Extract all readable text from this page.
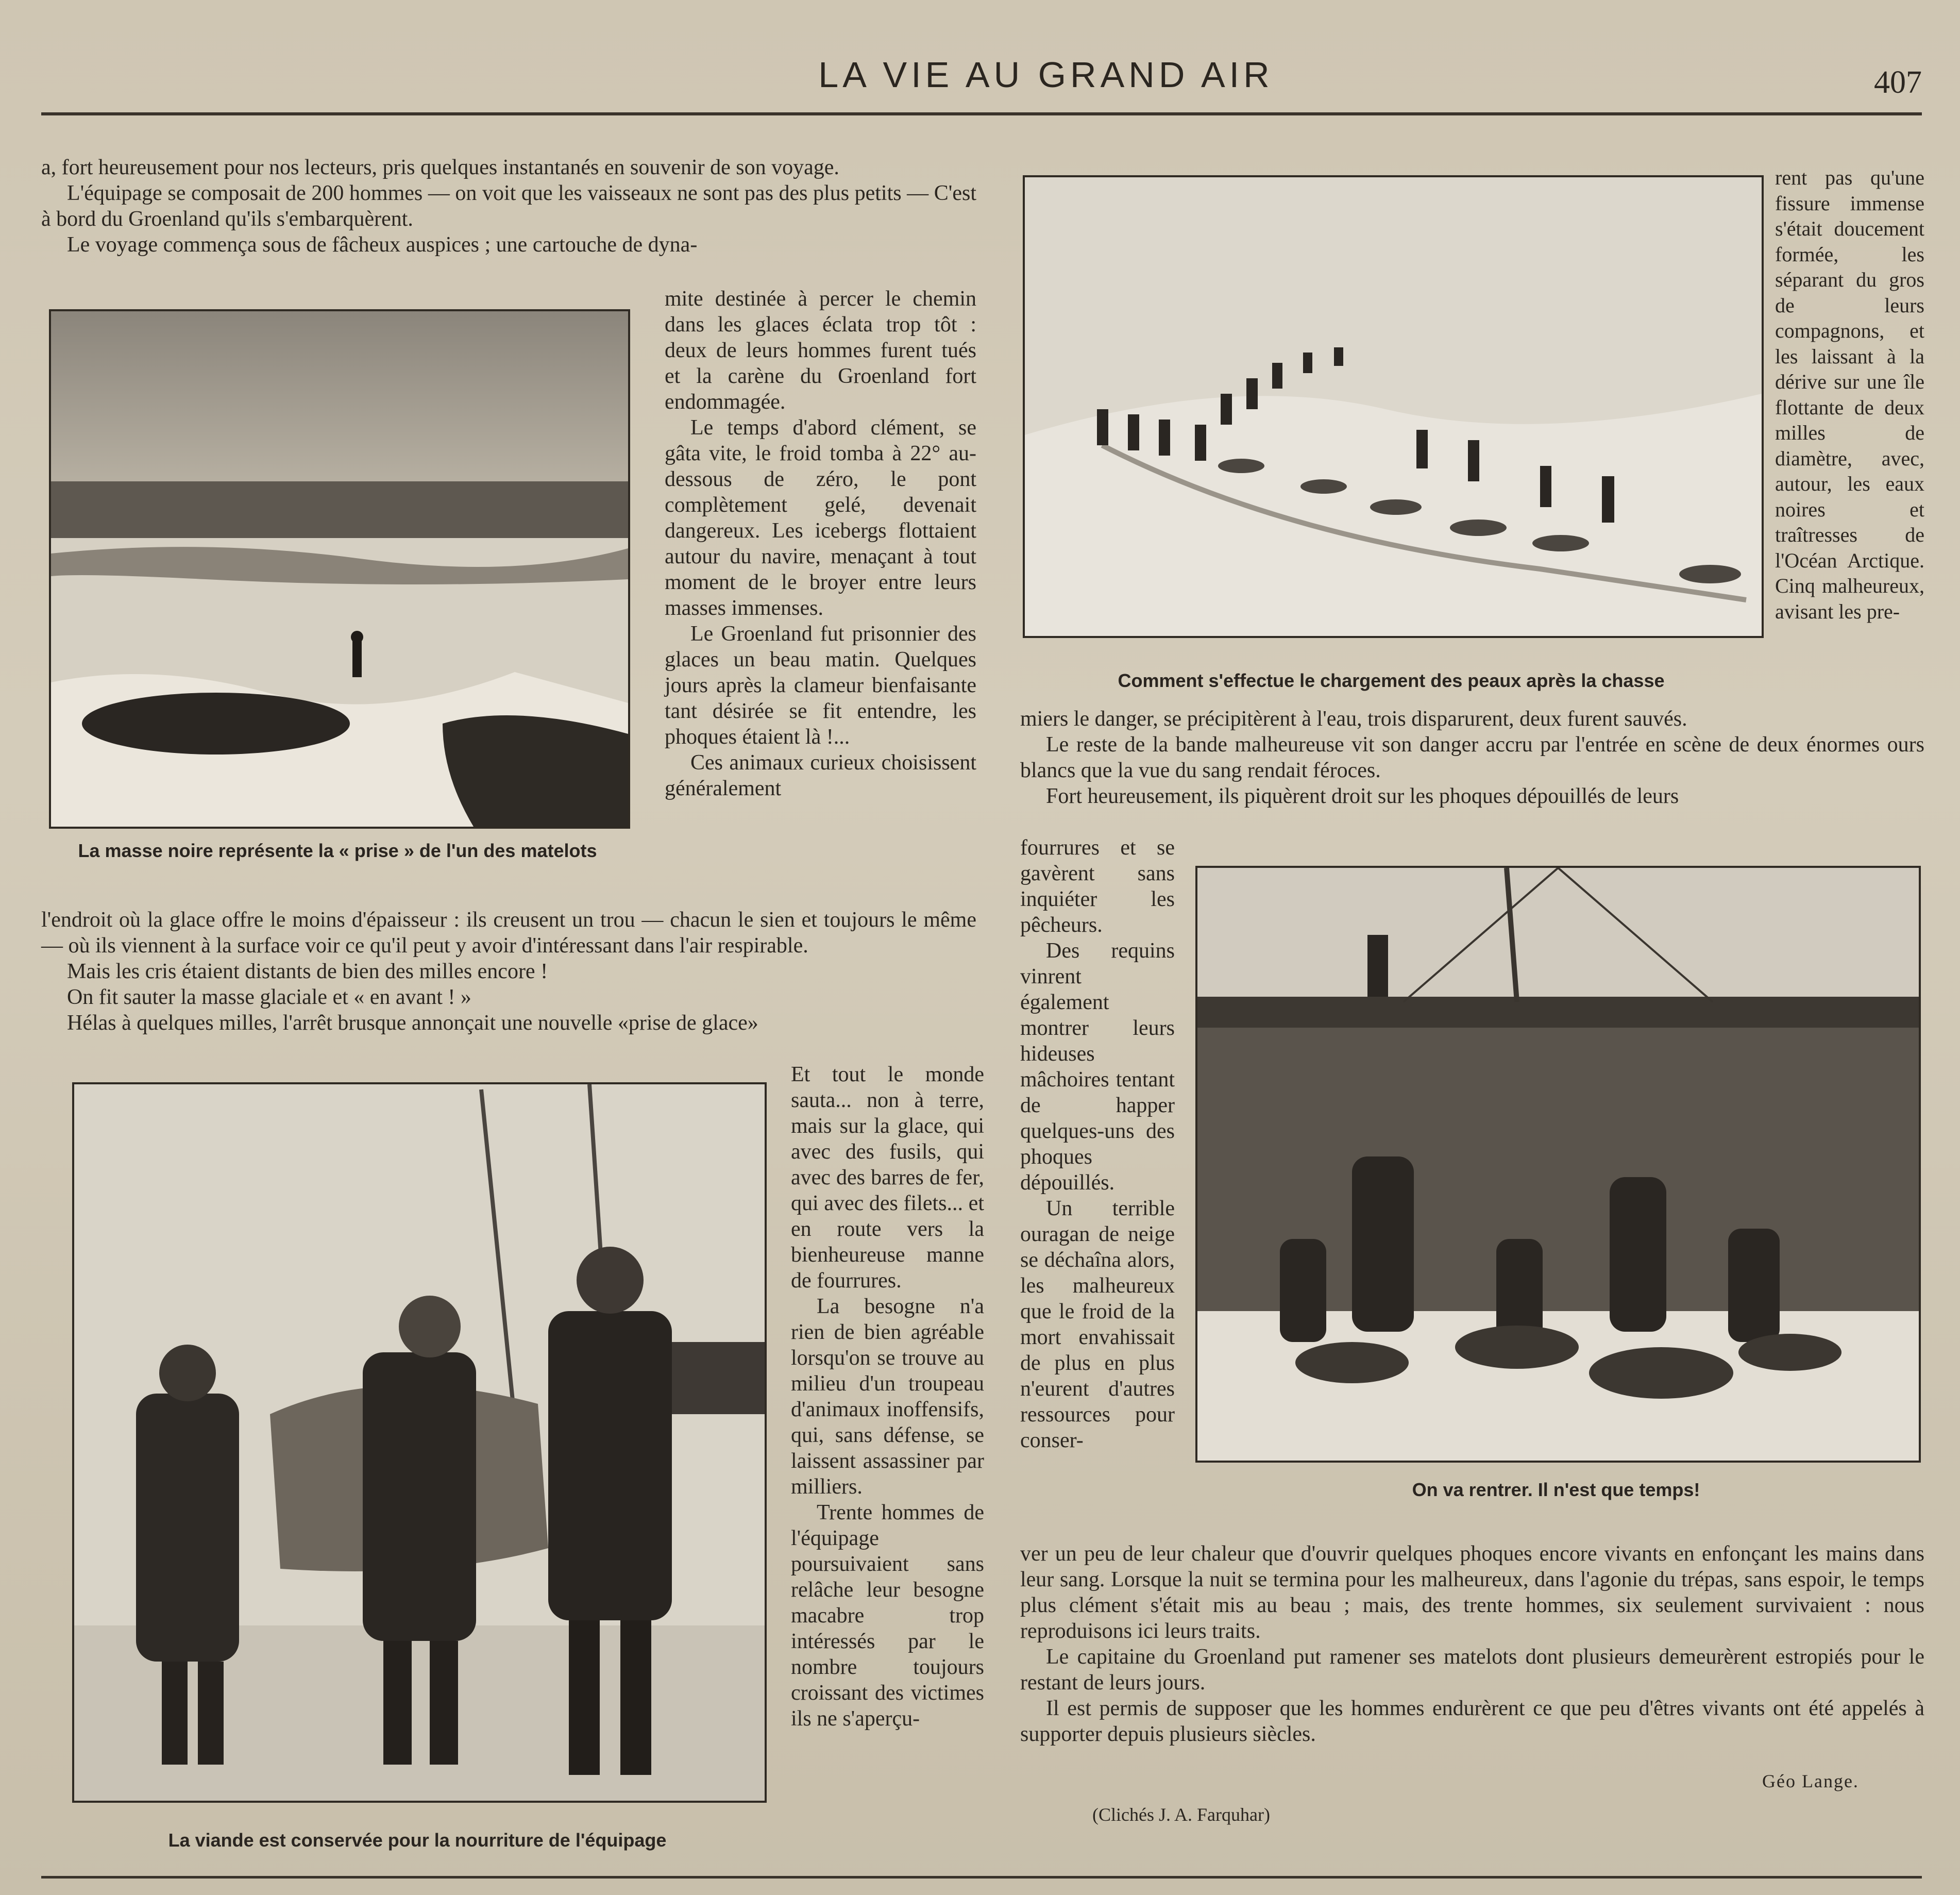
LA VIE AU GRAND AIR	407

a, fort heureusement pour nos lecteurs, pris quelques instantanés en souvenir de son voyage.

L'équipage se composait de 200 hommes — on voit que les vaisseaux ne sont pas des plus petits — C'est à bord du Groenland qu'ils s'embarquèrent.

Le voyage commença sous de fâcheux auspices ; une cartouche de dyna-

La masse noire représente la « prise » de l'un des matelots

mite destinée à percer le chemin dans les glaces éclata trop tôt : deux de leurs hommes furent tués et la carène du Groenland fort endommagée.

Le temps d'abord clément, se gâta vite, le froid tomba à 22° au-dessous de zéro, le pont complètement gelé, devenait dangereux. Les icebergs flottaient autour du navire, menaçant à tout moment de le broyer entre leurs masses immenses.

Le Groenland fut prisonnier des glaces un beau matin. Quelques jours après la clameur bienfaisante tant désirée se fit entendre, les phoques étaient là !...

Ces animaux curieux choisissent généralement

l'endroit où la glace offre le moins d'épaisseur : ils creusent un trou — chacun le sien et toujours le même — où ils viennent à la surface voir ce qu'il peut y avoir d'intéressant dans l'air respirable.

Mais les cris étaient distants de bien des milles encore !

On fit sauter la masse glaciale et « en avant ! »

Hélas à quelques milles, l'arrêt brusque annonçait une nouvelle «prise de glace»

La viande est conservée pour la nourriture de l'équipage

Et tout le monde sauta... non à terre, mais sur la glace, qui avec des fusils, qui avec des barres de fer, qui avec des filets... et en route vers la bienheureuse manne de fourrures.

La besogne n'a rien de bien agréable lorsqu'on se trouve au milieu d'un troupeau d'animaux inoffensifs, qui, sans défense, se laissent assassiner par milliers.

Trente hommes de l'équipage poursuivaient sans relâche leur besogne macabre trop intéressés par le nombre toujours croissant des victimes ils ne s'aperçu-

Comment s'effectue le chargement des peaux après la chasse

rent pas qu'une fissure immense s'était doucement formée, les séparant du gros de leurs compagnons, et les laissant à la dérive sur une île flottante de deux milles de diamètre, avec, autour, les eaux noires et traîtresses de l'Océan Arctique. Cinq malheureux, avisant les pre-

miers le danger, se précipitèrent à l'eau, trois disparurent, deux furent sauvés.

Le reste de la bande malheureuse vit son danger accru par l'entrée en scène de deux énormes ours blancs que la vue du sang rendait féroces.

Fort heureusement, ils piquèrent droit sur les phoques dépouillés de leurs

fourrures et se gavèrent sans inquiéter les pêcheurs.

Des requins vinrent également montrer leurs hideuses mâchoires tentant de happer quelques-uns des phoques dépouillés.

Un terrible ouragan de neige se déchaîna alors, les malheureux que le froid de la mort envahissait de plus en plus n'eurent d'autres ressources pour conser-

On va rentrer. Il n'est que temps!

ver un peu de leur chaleur que d'ouvrir quelques phoques encore vivants en enfonçant les mains dans leur sang. Lorsque la nuit se termina pour les malheureux, dans l'agonie du trépas, sans espoir, le temps plus clément s'était mis au beau ; mais, des trente hommes, six seulement survivaient : nous reproduisons ici leurs traits.

Le capitaine du Groenland put ramener ses matelots dont plusieurs demeurèrent estropiés pour le restant de leurs jours.

Il est permis de supposer que les hommes endurèrent ce que peu d'êtres vivants ont été appelés à supporter depuis plusieurs siècles.

Géo Lange.
(Clichés J. A. Farquhar)
